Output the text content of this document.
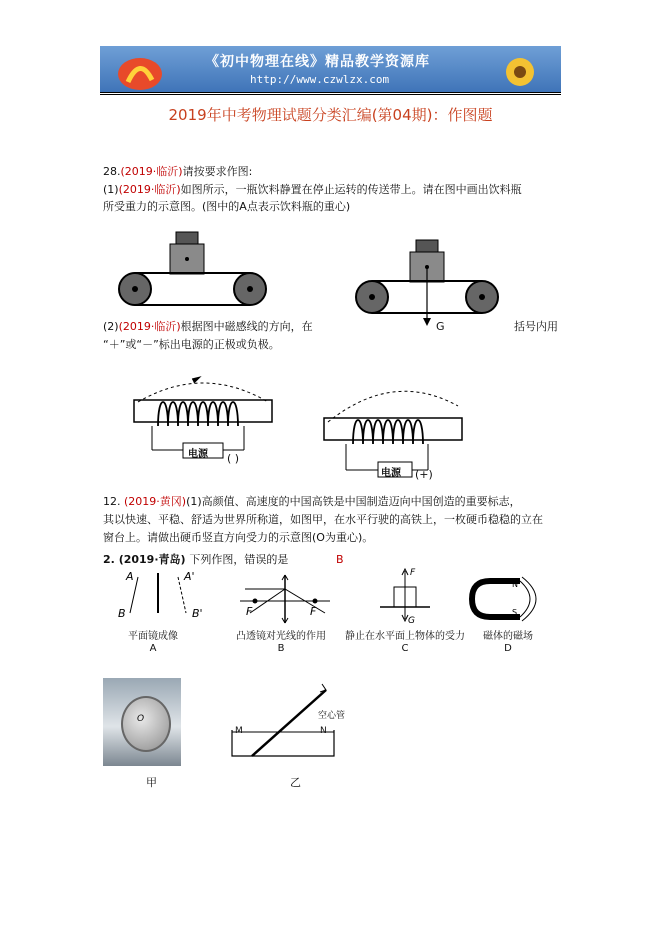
《初中物理在线》精品教学资源库
http://www.czwlzx.com
2019年中考物理试题分类汇编(第04期)：作图题
28.(2019·临沂)请按要求作图:
(1)(2019·临沂)如图所示，一瓶饮料静置在停止运转的传送带上。请在图中画出饮料瓶
所受重力的示意图。(图中的A点表示饮料瓶的重心)
(2)(2019·临沂)根据图中磁感线的方向，在	G	括号内用
“＋”或“－”标出电源的正极或负极。
电源 ( )
电源 (+)
12. (2019·黄冈)(1)高颜值、高速度的中国高铁是中国制造迈向中国创造的重要标志，
其以快速、平稳、舒适为世界所称道，如图甲，在水平行驶的高铁上，一枚硬币稳稳的立在
窗台上。请做出硬币竖直方向受力的示意图(O为重心)。
2. (2019·青岛) 下列作图，错误的是	B
A	A'
B	B'	F	F
F
G
N
S
平面镜成像
A
凸透镜对光线的作用
B
静止在水平面上物体的受力
C
磁体的磁场
D
O
甲
空心管
M	N
乙
